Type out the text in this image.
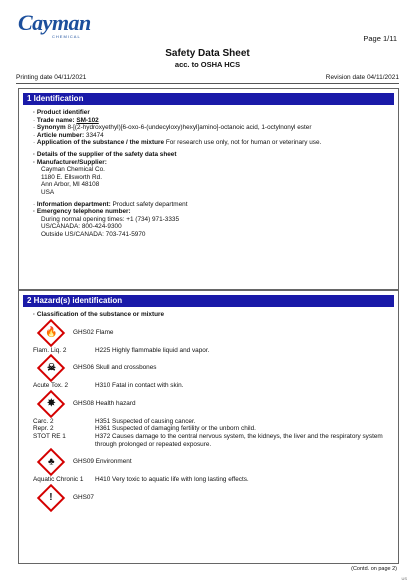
Cayman
CHEMICAL	Page 1/11
Safety Data Sheet
acc. to OSHA HCS
Printing date 04/11/2021	Revision date 04/11/2021
1 Identification
· Product identifier
· Trade name: SM-102
· Synonym 8-[(2-hydroxyethyl)[6-oxo-6-(undecyloxy)hexyl]amino]-octanoic acid, 1-octylnonyl ester
· Article number: 33474
· Application of the substance / the mixture For research use only, not for human or veterinary use.
· Details of the supplier of the safety data sheet
· Manufacturer/Supplier:
Cayman Chemical Co.
1180 E. Ellsworth Rd.
Ann Arbor, MI 48108
USA
· Information department: Product safety department
· Emergency telephone number:
During normal opening times: +1 (734) 971-3335
US/CANADA: 800-424-9300
Outside US/CANADA: 703-741-5970
2 Hazard(s) identification
· Classification of the substance or mixture
🔥 GHS02 Flame
Flam. Liq. 2	H225 Highly flammable liquid and vapor.
☠	GHS06 Skull and crossbones
Acute Tox. 2	H310 Fatal in contact with skin.
✸	GHS08 Health hazard
Carc. 2	H351 Suspected of causing cancer.
Repr. 2	H361 Suspected of damaging fertility or the unborn child.
STOT RE 1	H372 Causes damage to the central nervous system, the kidneys, the liver and the respiratory system through prolonged or repeated exposure.
♣	GHS09 Environment
Aquatic Chronic 1	H410 Very toxic to aquatic life with long lasting effects.
!	GHS07
(Contd. on page 2)
US
